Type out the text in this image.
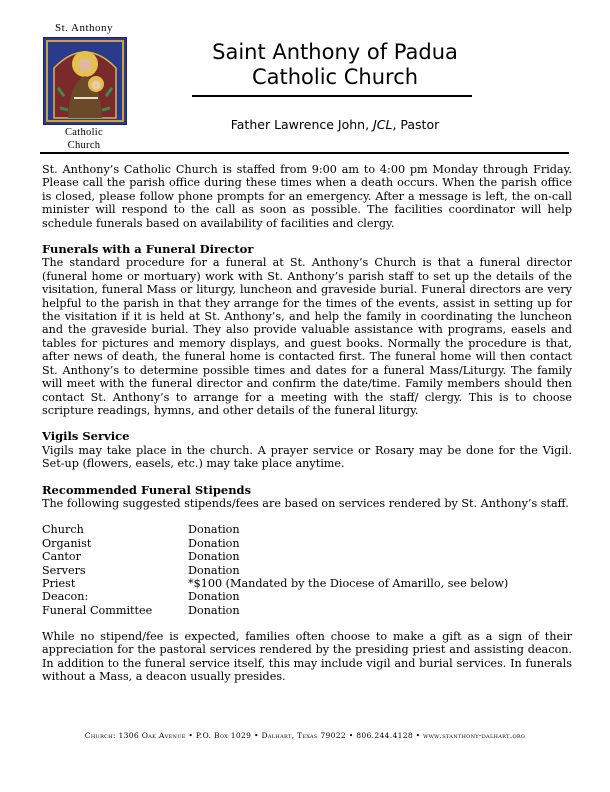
St. Anthony
Catholic
Church
Saint Anthony of Padua
Catholic Church
Father Lawrence John, JCL, Pastor

St. Anthony’s Catholic Church is staffed from 9:00 am to 4:00 pm Monday through Friday. Please call the parish office during these times when a death occurs. When the parish office is closed, please follow phone prompts for an emergency. After a message is left, the on-call minister will respond to the call as soon as possible. The facilities coordinator will help schedule funerals based on availability of facilities and clergy.

Funerals with a Funeral Director

The standard procedure for a funeral at St. Anthony’s Church is that a funeral director (funeral home or mortuary) work with St. Anthony’s parish staff to set up the details of the visitation, funeral Mass or liturgy, luncheon and graveside burial. Funeral directors are very helpful to the parish in that they arrange for the times of the events, assist in setting up for the visitation if it is held at St. Anthony’s, and help the family in coordinating the luncheon and the graveside burial. They also provide valuable assistance with programs, easels and tables for pictures and memory displays, and guest books. Normally the procedure is that, after news of death, the funeral home is contacted first. The funeral home will then contact St. Anthony’s to determine possible times and dates for a funeral Mass/Liturgy. The family will meet with the funeral director and confirm the date/time. Family members should then contact St. Anthony’s to arrange for a meeting with the staff/ clergy. This is to choose scripture readings, hymns, and other details of the funeral liturgy.

Vigils Service

Vigils may take place in the church. A prayer service or Rosary may be done for the Vigil. Set-up (flowers, easels, etc.) may take place anytime.

Recommended Funeral Stipends

The following suggested stipends/fees are based on services rendered by St. Anthony’s staff.

Church	Donation
Organist	Donation
Cantor	Donation
Servers	Donation
Priest	*$100 (Mandated by the Diocese of Amarillo, see below)
Deacon:	Donation
Funeral Committee	Donation

While no stipend/fee is expected, families often choose to make a gift as a sign of their appreciation for the pastoral services rendered by the presiding priest and assisting deacon. In addition to the funeral service itself, this may include vigil and burial services. In funerals without a Mass, a deacon usually presides.

Church: 1306 Oak Avenue • P.O. Box 1029 • Dalhart, Texas 79022 • 806.244.4128 • www.stanthony-dalhart.org
